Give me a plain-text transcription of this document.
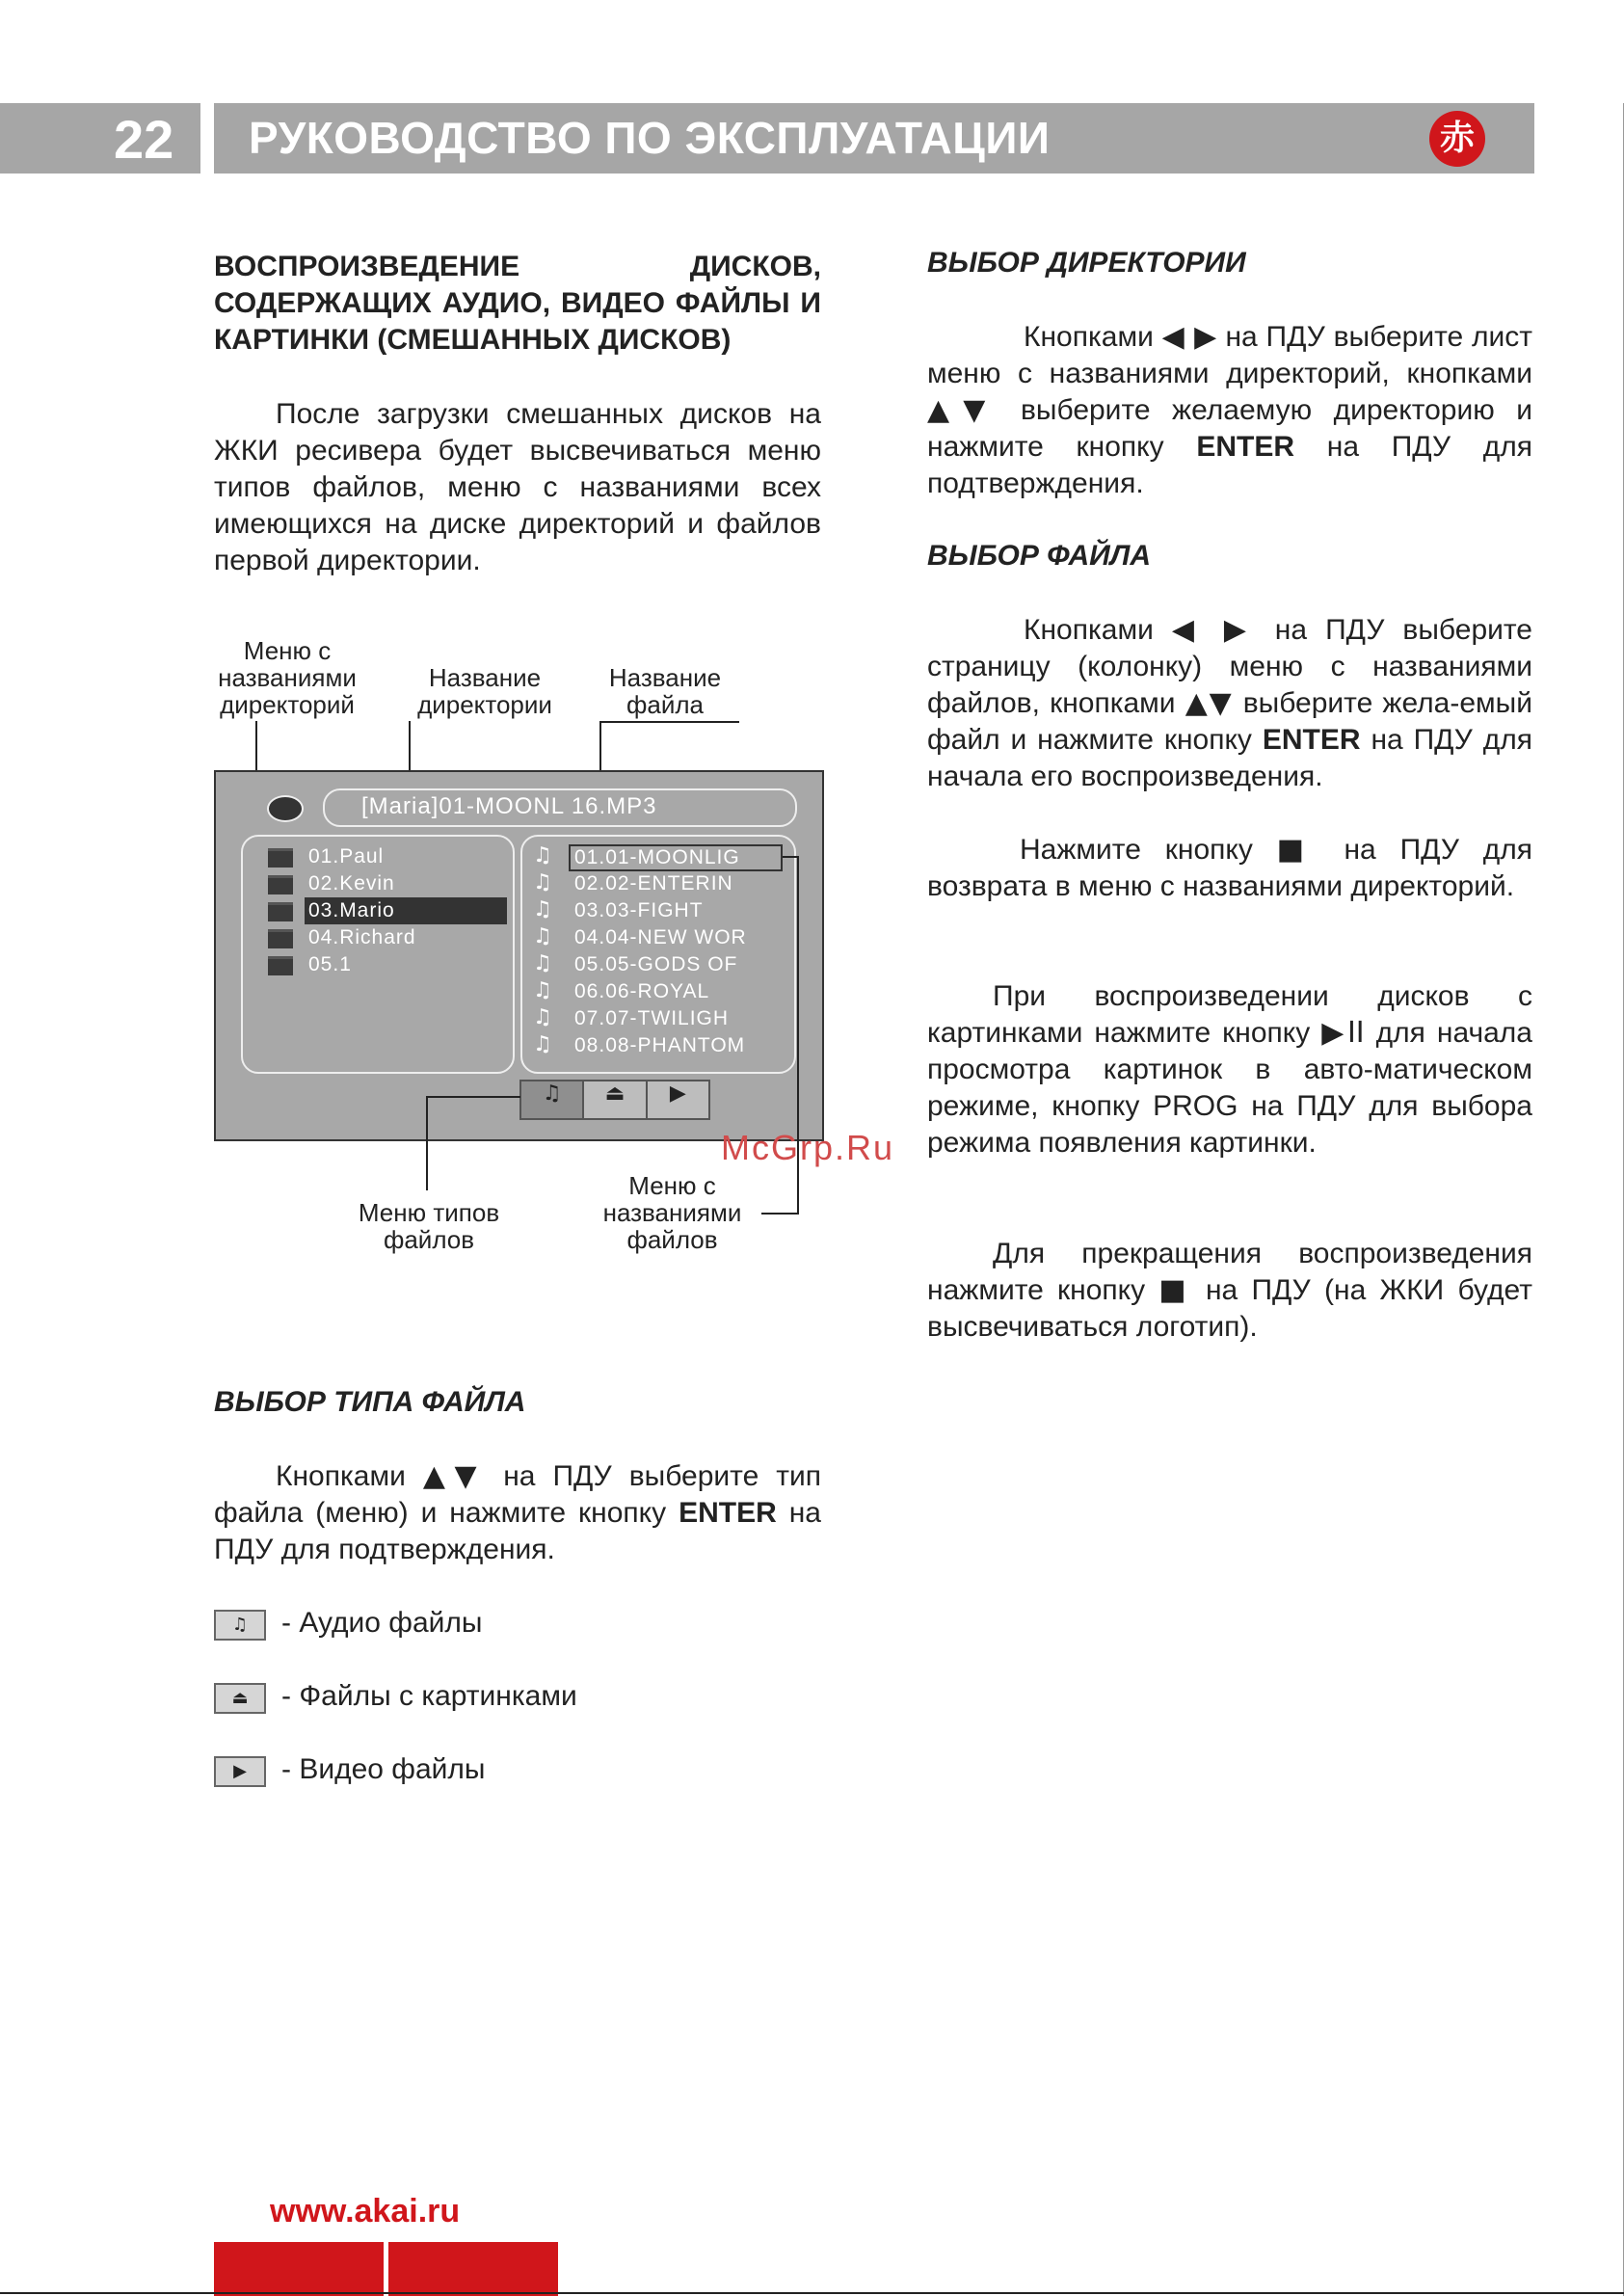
22 РУКОВОДСТВО ПО ЭКСПЛУАТАЦИИ	赤

ВОСПРОИЗВЕДЕНИЕ ДИСКОВ, СОДЕРЖАЩИХ АУДИО, ВИДЕО ФАЙЛЫ И КАРТИНКИ (СМЕШАННЫХ ДИСКОВ)

После загрузки смешанных дисков на ЖКИ ресивера будет высвечиваться меню типов файлов, меню с названиями всех имеющихся на диске директорий и файлов первой директории.

Меню с названиями директорий
Название директории
Название файла
[Maria]01-MOONL 16.MP3
01.Paul
02.Kevin
03.Mario
04.Richard
05.1
♫ 01.01-MOONLIG
♫ 02.02-ENTERIN
♫ 03.03-FIGHT
♫ 04.04-NEW WOR
♫ 05.05-GODS OF
♫ 06.06-ROYAL
♫ 07.07-TWILIGH
♫ 08.08-PHANTOM
♫	⏏	▶
Меню типов файлов
Меню с названиями файлов
McGrp.Ru

ВЫБОР ТИПА ФАЙЛА

Кнопками ▲▼ на ПДУ выберите тип файла (меню) и нажмите кнопку ENTER на ПДУ для подтверждения.

♫	- Аудио файлы

⏏	- Файлы с картинками

▶	- Видео файлы

ВЫБОР ДИРЕКТОРИИ

Кнопками ◀ ▶ на ПДУ выберите лист меню с названиями директорий, кнопками ▲▼ выберите желаемую директорию и нажмите кнопку ENTER на ПДУ для подтверждения.

ВЫБОР ФАЙЛА

Кнопками ◀ ▶ на ПДУ выберите страницу (колонку) меню с названиями файлов, кнопками ▲▼ выберите жела-емый файл и нажмите кнопку ENTER на ПДУ для начала его воспроизведения.

Нажмите кнопку ■ на ПДУ для возврата в меню с названиями директорий.

При воспроизведении дисков с картинками нажмите кнопку ▶II для начала просмотра картинок в авто-матическом режиме, кнопку PROG на ПДУ для выбора режима появления картинки.

Для прекращения воспроизведения нажмите кнопку ■ на ПДУ (на ЖКИ будет высвечиваться логотип).

www.akai.ru
